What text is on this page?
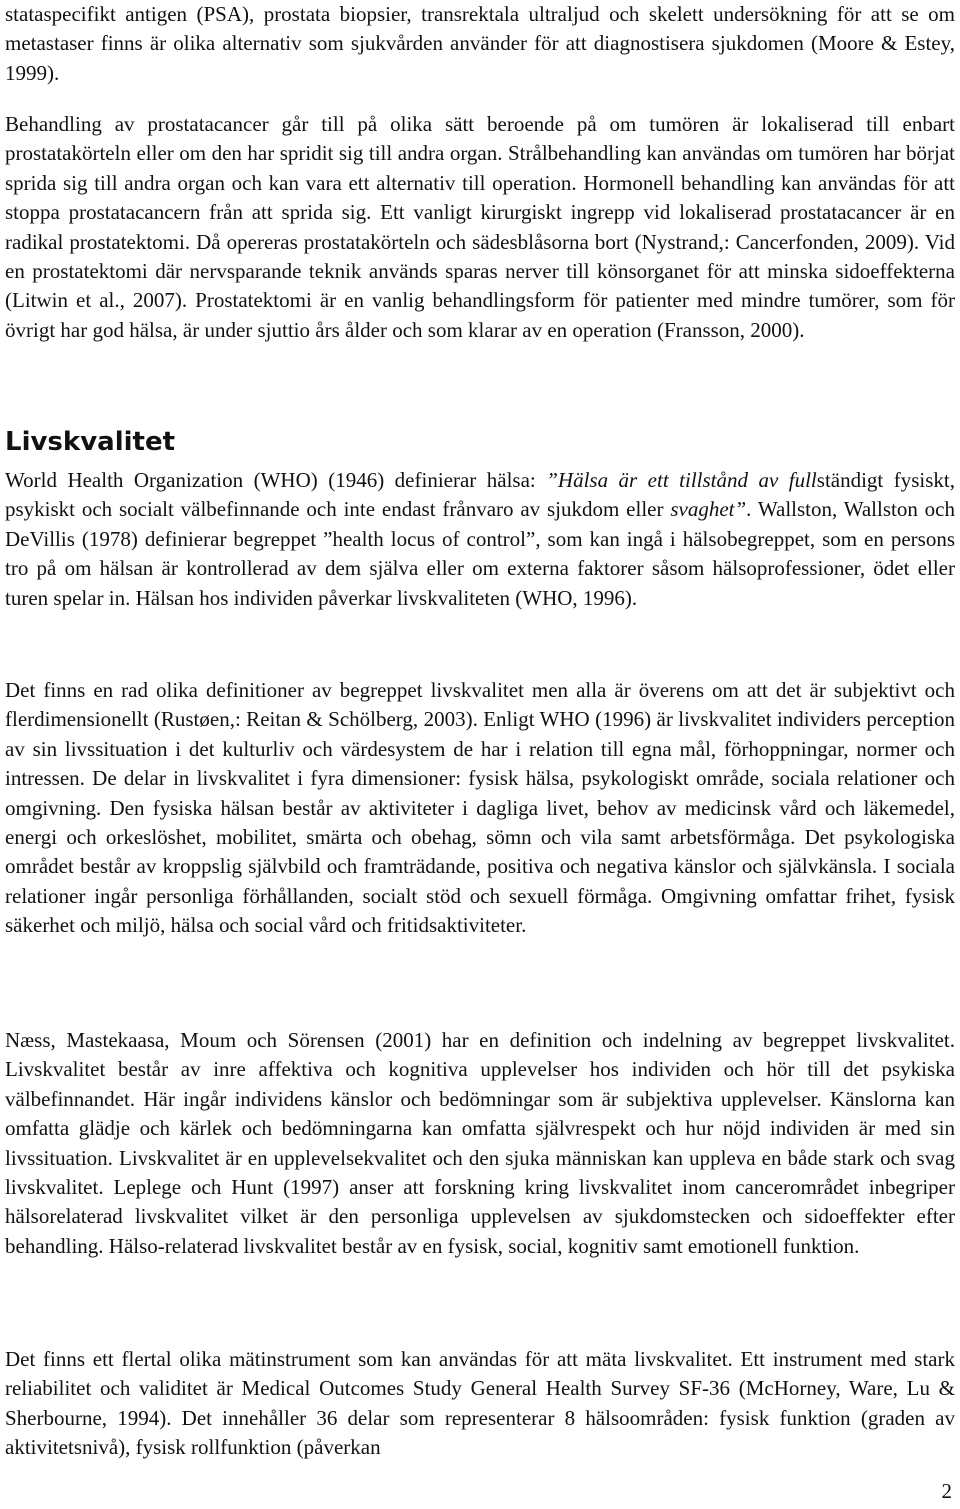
stataspecifikt antigen (PSA), prostata biopsier, transrektala ultraljud och skelett undersökning för att se om metastaser finns är olika alternativ som sjukvården använder för att diagnostisera sjukdomen (Moore & Estey, 1999).

Behandling av prostatacancer går till på olika sätt beroende på om tumören är lokaliserad till enbart prostatakörteln eller om den har spridit sig till andra organ. Strålbehandling kan användas om tumören har börjat sprida sig till andra organ och kan vara ett alternativ till operation. Hormonell behandling kan användas för att stoppa prostatacancern från att sprida sig. Ett vanligt kirurgiskt ingrepp vid lokaliserad prostatacancer är en radikal prostatektomi. Då opereras prostatakörteln och sädesblåsorna bort (Nystrand,: Cancerfonden, 2009). Vid en prostatektomi där nervsparande teknik används sparas nerver till könsorganet för att minska sidoeffekterna (Litwin et al., 2007). Prostatektomi är en vanlig behandlingsform för patienter med mindre tumörer, som för övrigt har god hälsa, är under sjuttio års ålder och som klarar av en operation (Fransson, 2000).

Livskvalitet

World Health Organization (WHO) (1946) definierar hälsa: ”Hälsa är ett tillstånd av fullständigt fysiskt, psykiskt och socialt välbefinnande och inte endast frånvaro av sjukdom eller svaghet”. Wallston, Wallston och DeVillis (1978) definierar begreppet ”health locus of control”, som kan ingå i hälsobegreppet, som en persons tro på om hälsan är kontrollerad av dem själva eller om externa faktorer såsom hälsoprofessioner, ödet eller turen spelar in. Hälsan hos individen påverkar livskvaliteten (WHO, 1996).

Det finns en rad olika definitioner av begreppet livskvalitet men alla är överens om att det är subjektivt och flerdimensionellt (Rustøen,: Reitan & Schölberg, 2003). Enligt WHO (1996) är livskvalitet individers perception av sin livssituation i det kulturliv och värdesystem de har i relation till egna mål, förhoppningar, normer och intressen. De delar in livskvalitet i fyra dimensioner: fysisk hälsa, psykologiskt område, sociala relationer och omgivning. Den fysiska hälsan består av aktiviteter i dagliga livet, behov av medicinsk vård och läkemedel, energi och orkeslöshet, mobilitet, smärta och obehag, sömn och vila samt arbetsförmåga. Det psykologiska området består av kroppslig självbild och framträdande, positiva och negativa känslor och självkänsla. I sociala relationer ingår personliga förhållanden, socialt stöd och sexuell förmåga. Omgivning omfattar frihet, fysisk säkerhet och miljö, hälsa och social vård och fritidsaktiviteter.

Næss, Mastekaasa, Moum och Sörensen (2001) har en definition och indelning av begreppet livskvalitet. Livskvalitet består av inre affektiva och kognitiva upplevelser hos individen och hör till det psykiska välbefinnandet. Här ingår individens känslor och bedömningar som är subjektiva upplevelser. Känslorna kan omfatta glädje och kärlek och bedömningarna kan omfatta självrespekt och hur nöjd individen är med sin livssituation. Livskvalitet är en upplevelsekvalitet och den sjuka människan kan uppleva en både stark och svag livskvalitet. Leplege och Hunt (1997) anser att forskning kring livskvalitet inom cancerområdet inbegriper hälsorelaterad livskvalitet vilket är den personliga upplevelsen av sjukdomstecken och sidoeffekter efter behandling. Hälso-relaterad livskvalitet består av en fysisk, social, kognitiv samt emotionell funktion.

Det finns ett flertal olika mätinstrument som kan användas för att mäta livskvalitet. Ett instrument med stark reliabilitet och validitet är Medical Outcomes Study General Health Survey SF-36 (McHorney, Ware, Lu & Sherbourne, 1994). Det innehåller 36 delar som representerar 8 hälsoområden: fysisk funktion (graden av aktivitetsnivå), fysisk rollfunktion (påverkan

2
